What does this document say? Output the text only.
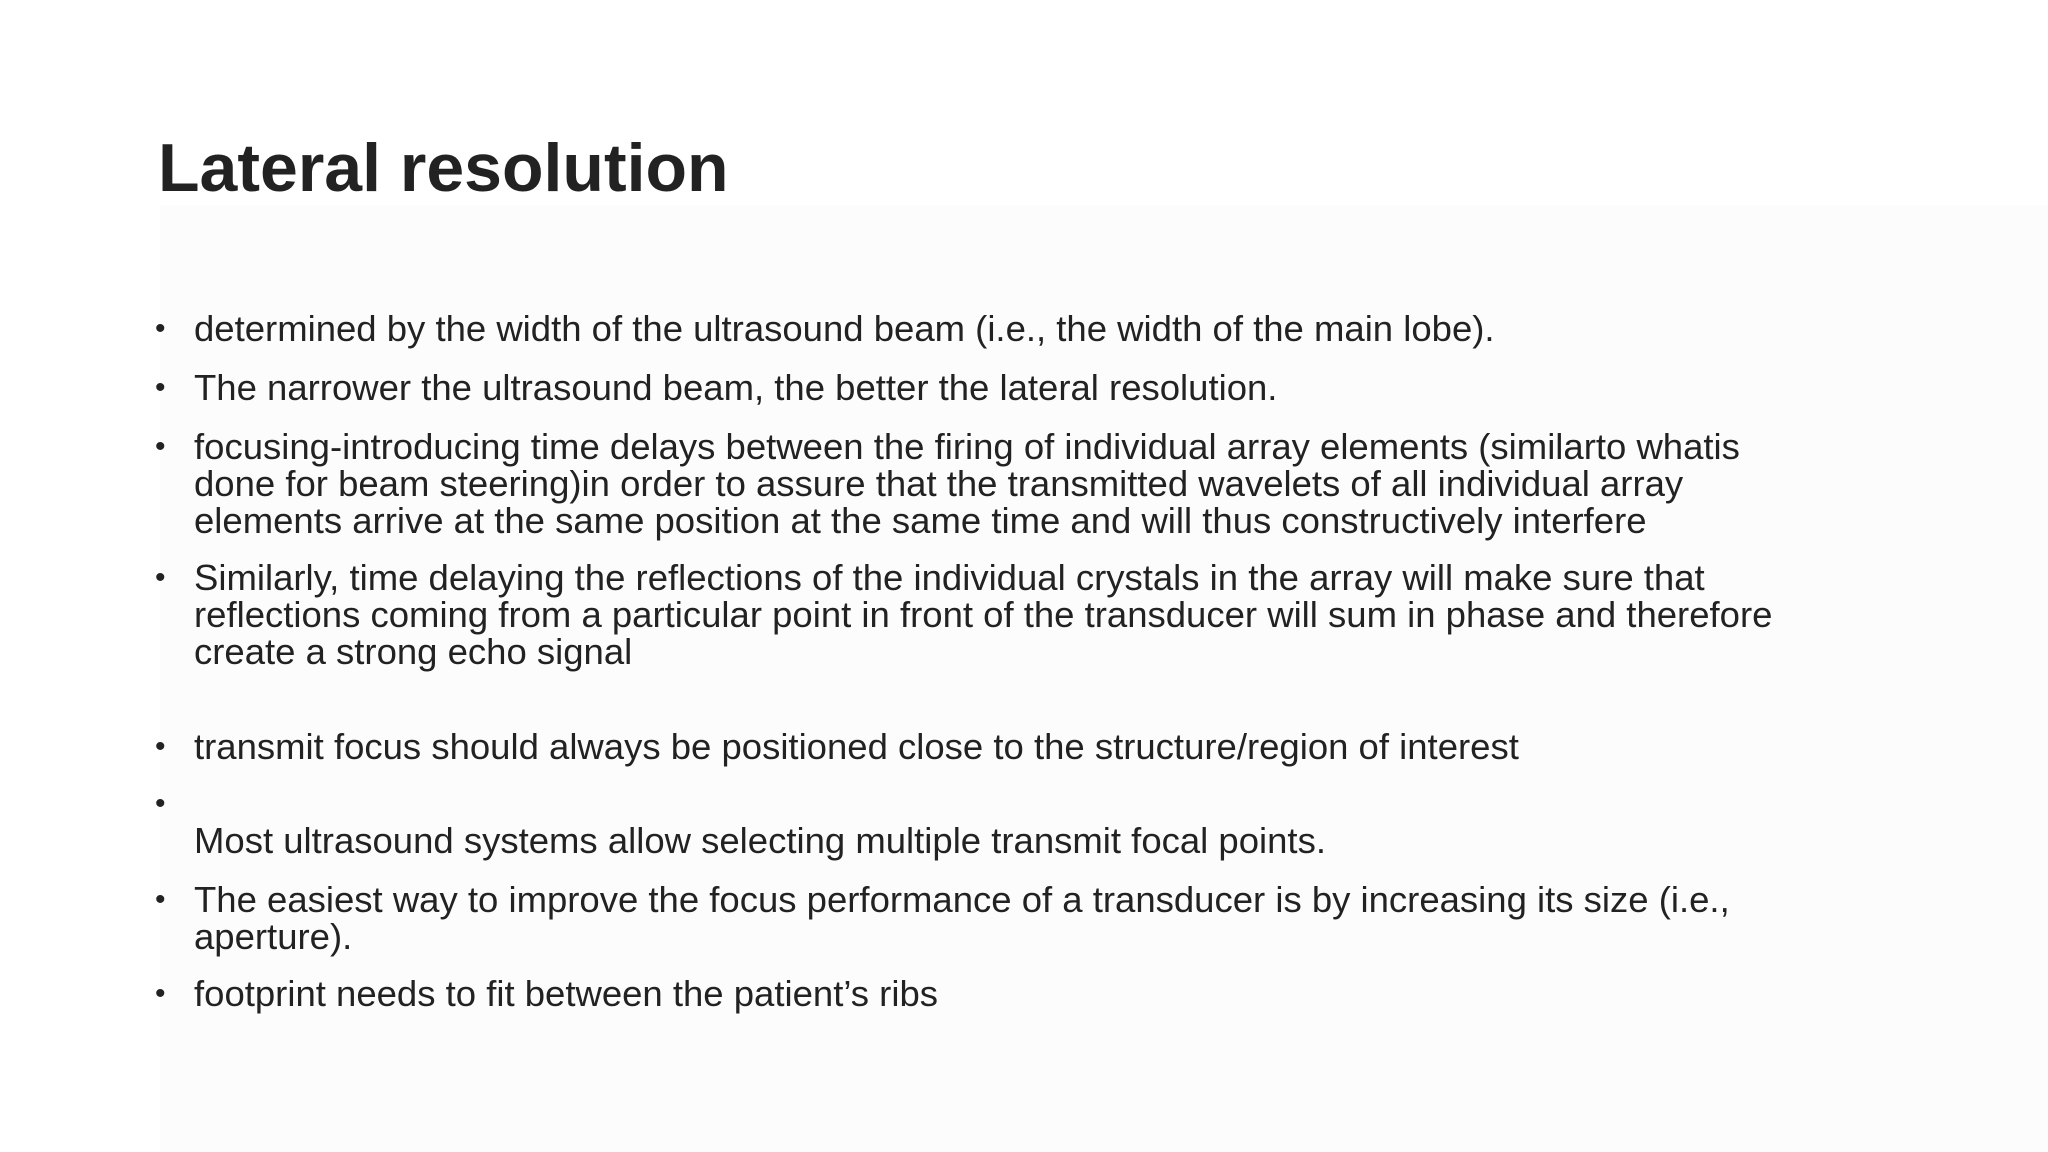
Lateral resolution
• determined by the width of the ultrasound beam (i.e., the width of the main lobe).
• The narrower the ultrasound beam, the better the lateral resolution.
• focusing-introducing time delays between the firing of individual array elements (similarto whatis
done for beam steering)in order to assure that the transmitted wavelets of all individual array
elements arrive at the same position at the same time and will thus constructively interfere
• Similarly, time delaying the reflections of the individual crystals in the array will make sure that
reflections coming from a particular point in front of the transducer will sum in phase and therefore
create a strong echo signal
• transmit focus should always be positioned close to the structure/region of interest
•
Most ultrasound systems allow selecting multiple transmit focal points.
• The easiest way to improve the focus performance of a transducer is by increasing its size (i.e.,
aperture).
• footprint needs to fit between the patient’s ribs
